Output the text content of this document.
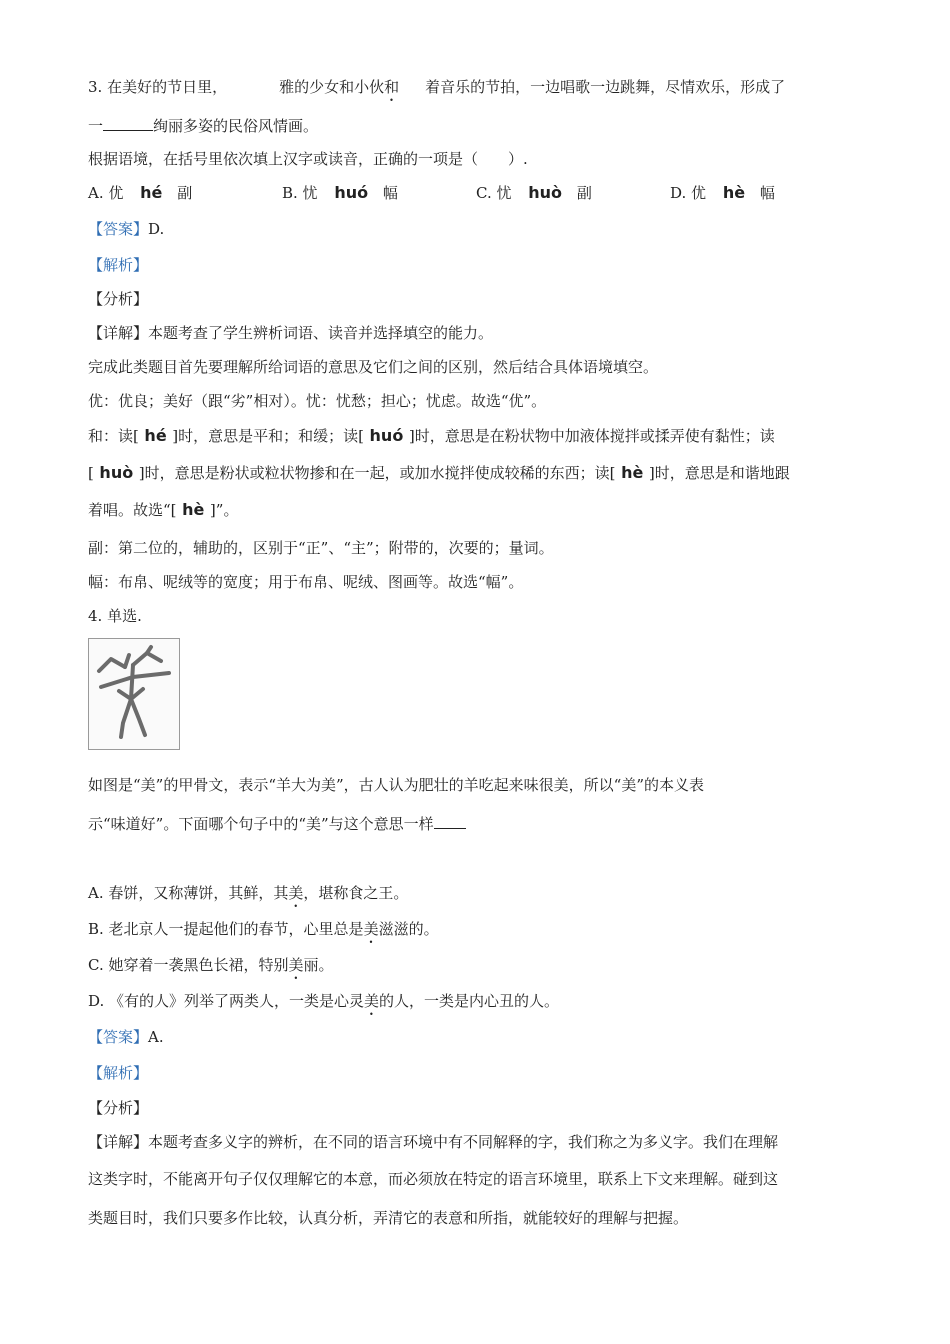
3. 在美好的节日里，	雅的少女和小伙和 着音乐的节拍，一边唱歌一边跳舞，尽情欢乐，形成了
一	绚丽多姿的民俗风情画。
根据语境，在括号里依次填上汉字或读音，正确的一项是（　　）.
A. 优 hé 副	B. 忧 huó 幅	C. 忧 huò 副	D. 优 hè 幅
【答案】D.
【解析】
【分析】
【详解】本题考查了学生辨析词语、读音并选择填空的能力。
完成此类题目首先要理解所给词语的意思及它们之间的区别，然后结合具体语境填空。
优：优良；美好（跟“劣”相对）。忧：忧愁；担心；忧虑。故选“优”。
和：读[ hé ]时，意思是平和；和缓；读[ huó ]时，意思是在粉状物中加液体搅拌或揉弄使有黏性；读
[ huò ]时，意思是粉状或粒状物掺和在一起，或加水搅拌使成较稀的东西；读[ hè ]时，意思是和谐地跟
着唱。故选“[ hè ]”。
副：第二位的，辅助的，区别于“正”、“主”；附带的，次要的；量词。
幅：布帛、呢绒等的宽度；用于布帛、呢绒、图画等。故选“幅”。
4. 单选.
如图是“美”的甲骨文，表示“羊大为美”，古人认为肥壮的羊吃起来味很美，所以“美”的本义表
示“味道好”。下面哪个句子中的“美”与这个意思一样
A. 春饼，又称薄饼，其鲜，其美，堪称食之王。
B. 老北京人一提起他们的春节，心里总是美滋滋的。
C. 她穿着一袭黑色长裙，特别美丽。
D. 《有的人》列举了两类人，一类是心灵美的人，一类是内心丑的人。
【答案】A.
【解析】
【分析】
【详解】本题考查多义字的辨析，在不同的语言环境中有不同解释的字，我们称之为多义字。我们在理解
这类字时，不能离开句子仅仅理解它的本意，而必须放在特定的语言环境里，联系上下文来理解。碰到这
类题目时，我们只要多作比较，认真分析，弄清它的表意和所指，就能较好的理解与把握。
